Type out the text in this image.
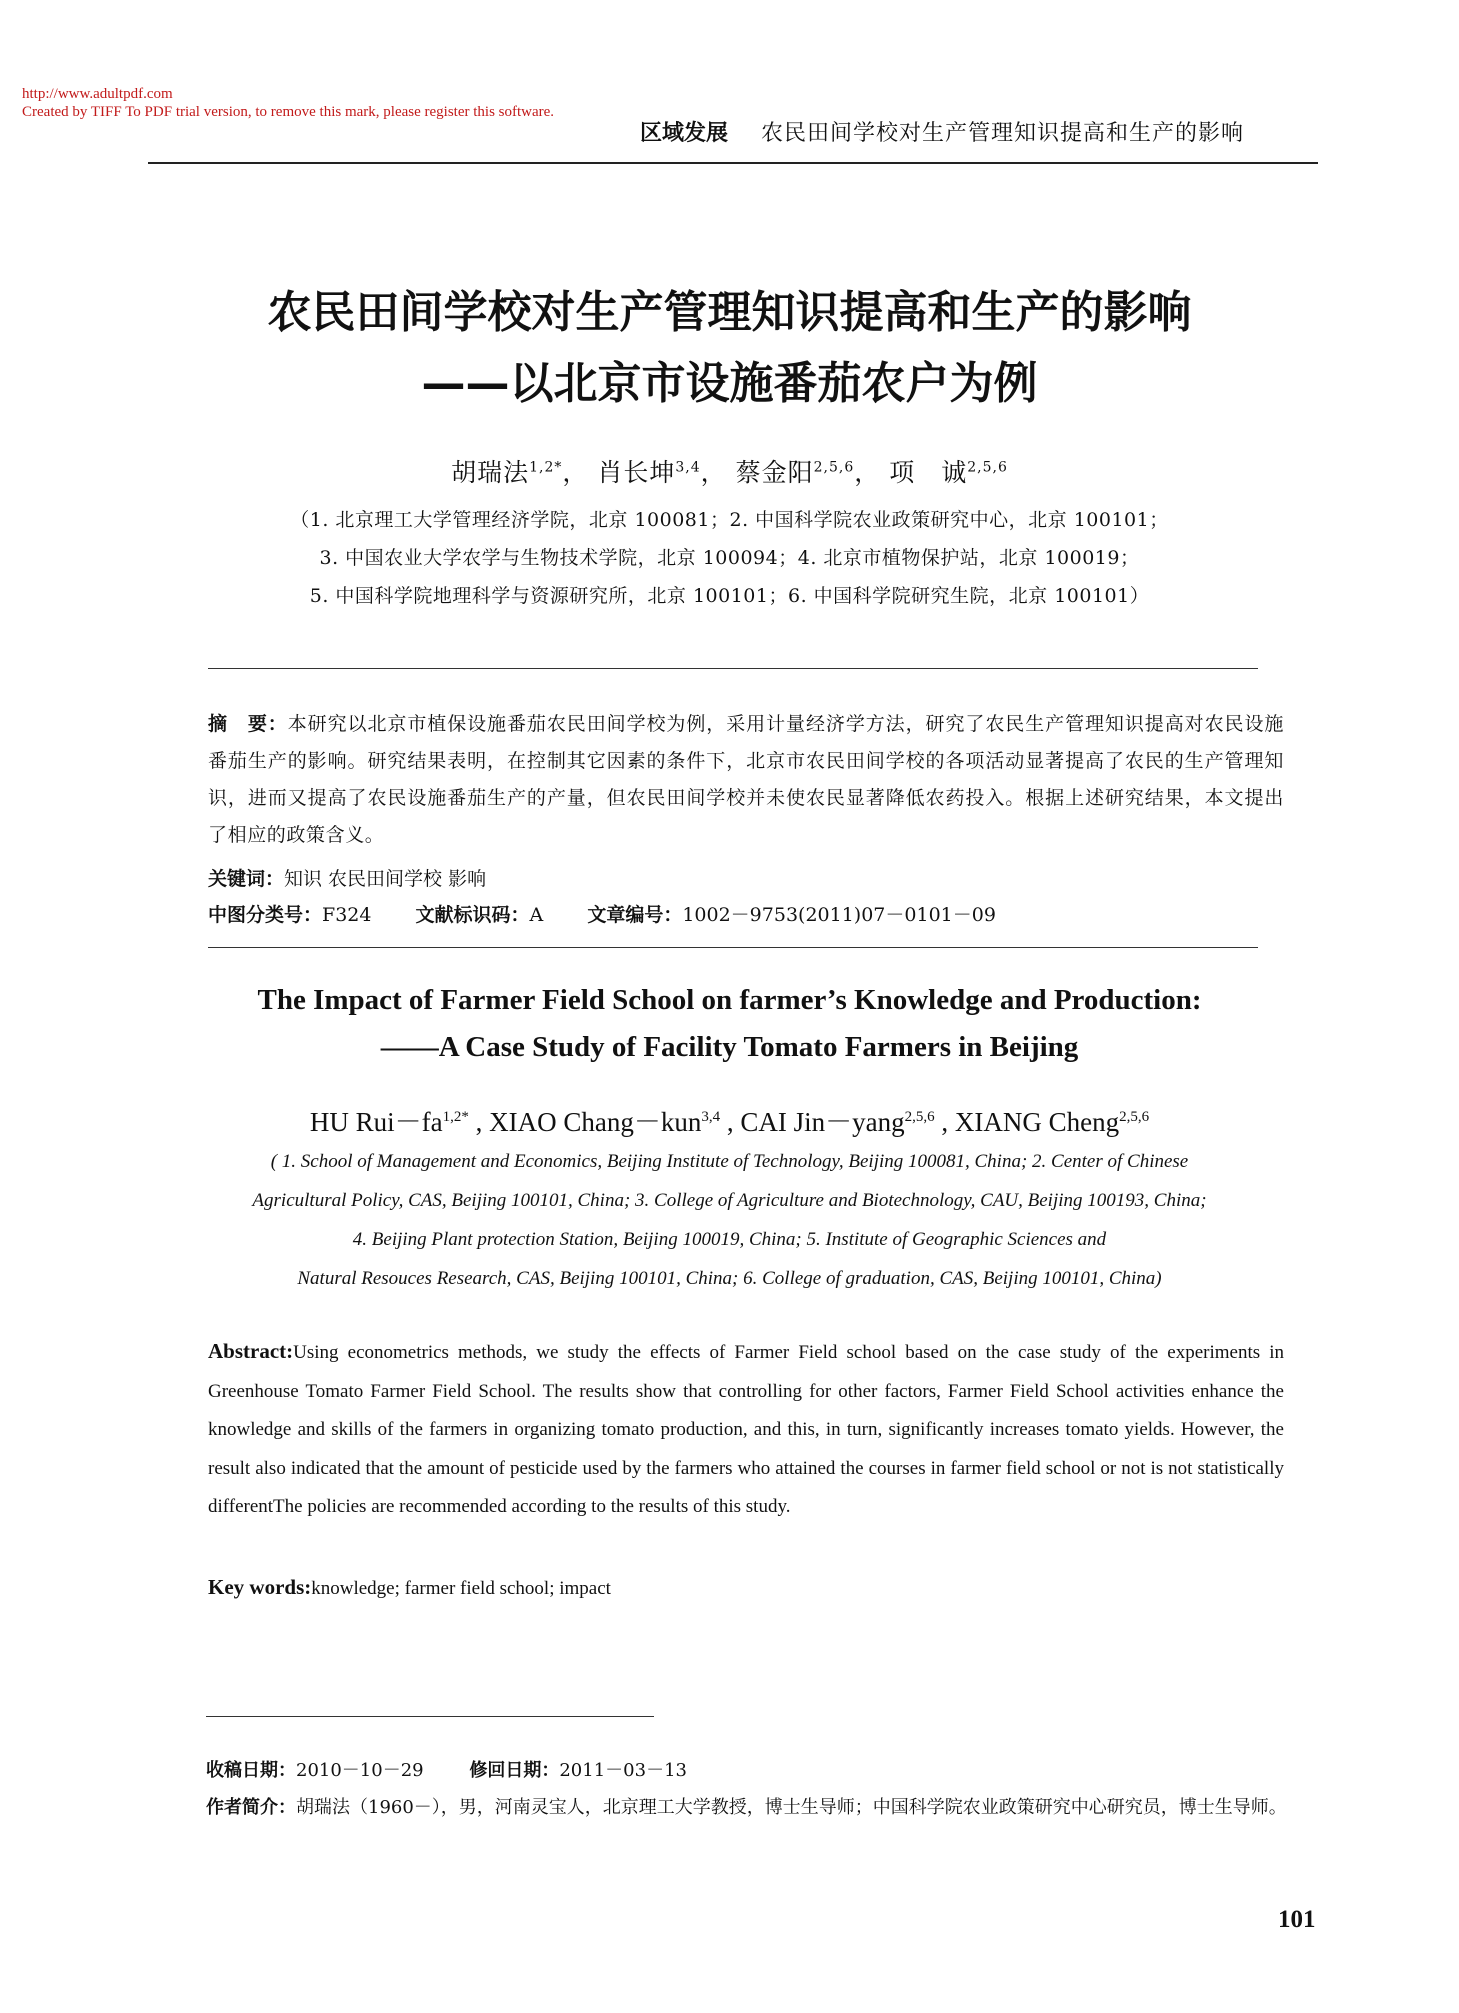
http://www.adultpdf.com
Created by TIFF To PDF trial version, to remove this mark, please register this software.
区域发展 农民田间学校对生产管理知识提高和生产的影响
农民田间学校对生产管理知识提高和生产的影响
——以北京市设施番茄农户为例
胡瑞法$^{1,2*}$， 肖长坤$^{3,4}$， 蔡金阳$^{2,5,6}$， 项　诚$^{2,5,6}$
（1. 北京理工大学管理经济学院，北京 100081；2. 中国科学院农业政策研究中心，北京 100101；
3. 中国农业大学农学与生物技术学院，北京 100094；4. 北京市植物保护站，北京 100019；
5. 中国科学院地理科学与资源研究所，北京 100101；6. 中国科学院研究生院，北京 100101）
摘　要：本研究以北京市植保设施番茄农民田间学校为例，采用计量经济学方法，研究了农民生产管理知识提高对农民设施番茄生产的影响。研究结果表明，在控制其它因素的条件下，北京市农民田间学校的各项活动显著提高了农民的生产管理知识，进而又提高了农民设施番茄生产的产量，但农民田间学校并未使农民显著降低农药投入。根据上述研究结果，本文提出了相应的政策含义。
关键词：知识 农民田间学校 影响
中图分类号：F324 文献标识码：A 文章编号：1002－9753(2011)07－0101－09
The Impact of Farmer Field School on farmer’s Knowledge and Production:
——A Case Study of Facility Tomato Farmers in Beijing
HU $Rui-fa^{1,2*}$ , XIAO Chang－kun$^{3,4}$ , CAI Jin－yang$^{2,5,6}$ , XIANG Cheng$^{2,5,6}$
( 1. School of Management and Economics, Beijing Institute of Technology, Beijing 100081, China; 2. Center of Chinese
Agricultural Policy, CAS, Beijing 100101, China; 3. College of Agriculture and Biotechnology, CAU, Beijing 100193, China;
4. Beijing Plant protection Station, Beijing 100019, China; 5. Institute of Geographic Sciences and
Natural Resouces Research, CAS, Beijing 100101, China; 6. College of graduation, CAS, Beijing 100101, China)
Abstract:Using econometrics methods, we study the effects of Farmer Field school based on the case study of the experiments in Greenhouse Tomato Farmer Field School. The results show that controlling for other factors, Farmer Field School activities enhance the knowledge and skills of the farmers in organizing tomato production, and this, in turn, significantly increases tomato yields. However, the result also indicated that the amount of pesticide used by the farmers who attained the courses in farmer field school or not is not statistically differentThe policies are recommended according to the results of this study.
Key words:knowledge; farmer field school; impact
收稿日期：2010－10－29	修回日期：2011－03－13
作者简介：胡瑞法（1960－），男，河南灵宝人，北京理工大学教授，博士生导师；中国科学院农业政策研究中心研究员，博士生导师。
101
